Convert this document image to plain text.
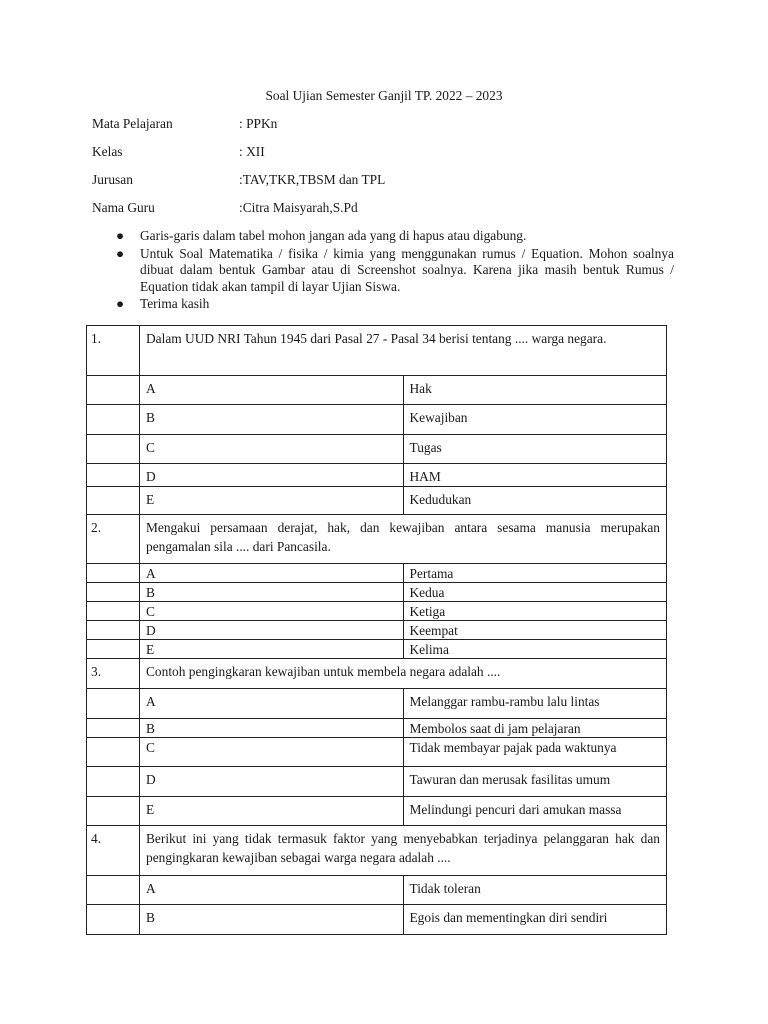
Soal Ujian Semester Ganjil TP. 2022 – 2023
Mata Pelajaran	: PPKn
Kelas	: XII
Jurusan	:TAV,TKR,TBSM dan TPL
Nama Guru	:Citra Maisyarah,S.Pd
● Garis-garis dalam tabel mohon jangan ada yang di hapus atau digabung.
● Untuk Soal Matematika / fisika / kimia yang menggunakan rumus / Equation. Mohon soalnya dibuat dalam bentuk Gambar atau di Screenshot soalnya. Karena jika masih bentuk Rumus / Equation tidak akan tampil di layar Ujian Siswa.
● Terima kasih
1.	Dalam UUD NRI Tahun 1945 dari Pasal 27 - Pasal 34 berisi tentang .... warga negara.	
	A	Hak
	B	Kewajiban
	C	Tugas
	D	HAM
	E	Kedudukan
2.	Mengakui persamaan derajat, hak, dan kewajiban antara sesama manusia merupakan pengamalan sila .... dari Pancasila.	
	A	Pertama
	B	Kedua
	C	Ketiga
	D	Keempat
	E	Kelima
3.	Contoh pengingkaran kewajiban untuk membela negara adalah ....	
	A	Melanggar rambu-rambu lalu lintas
	B	Membolos saat di jam pelajaran
	C	Tidak membayar pajak pada waktunya
	D	Tawuran dan merusak fasilitas umum
	E	Melindungi pencuri dari amukan massa
4.	Berikut ini yang tidak termasuk faktor yang menyebabkan terjadinya pelanggaran hak dan pengingkaran kewajiban sebagai warga negara adalah ....	
	A	Tidak toleran
	B	Egois dan mementingkan diri sendiri
